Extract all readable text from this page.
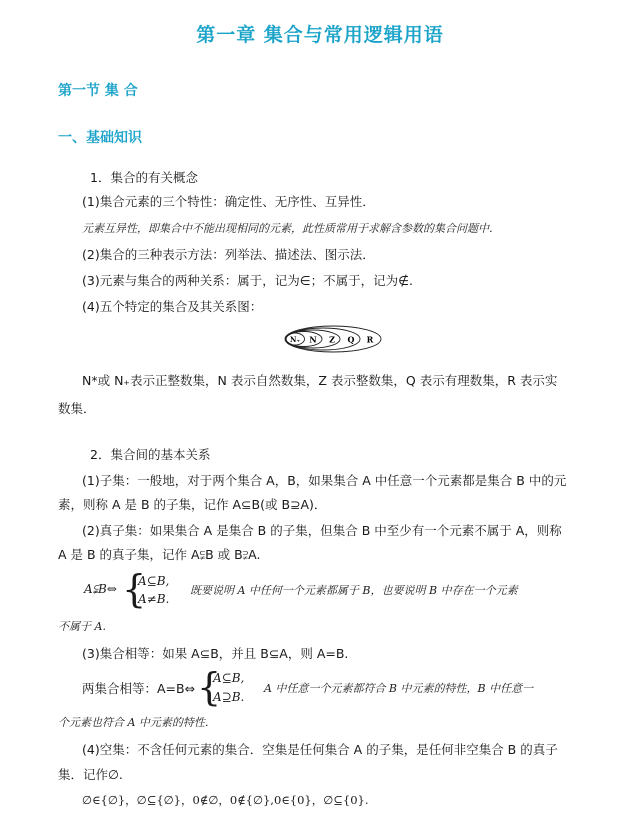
第一章 集合与常用逻辑用语
第一节 集 合
一、基础知识
1．集合的有关概念
(1)集合元素的三个特性：确定性、无序性、互异性．
元素互异性，即集合中不能出现相同的元素，此性质常用于求解含参数的集合问题中．
(2)集合的三种表示方法：列举法、描述法、图示法．
(3)元素与集合的两种关系：属于，记为∈；不属于，记为∉.
(4)五个特定的集合及其关系图：
N₊ N Z Q R
N*或 N₊表示正整数集，N 表示自然数集，Z 表示整数集，Q 表示有理数集，R 表示实
数集．
2．集合间的基本关系
(1)子集：一般地，对于两个集合 A，B，如果集合 A 中任意一个元素都是集合 B 中的元
素，则称 A 是 B 的子集，记作 A⊆B(或 B⊇A)．
(2)真子集：如果集合 A 是集合 B 的子集，但集合 B 中至少有一个元素不属于 A，则称
A 是 B 的真子集，记作 A⫋B 或 B⫌A.
A⫋B⇔ {
A⊆B,
A≠B.
既要说明 A 中任何一个元素都属于 B，也要说明 B 中存在一个元素
不属于 A.
(3)集合相等：如果 A⊆B，并且 B⊆A，则 A=B.
两集合相等：A=B⇔ {
A⊆B,
A⊇B.
A 中任意一个元素都符合 B 中元素的特性，B 中任意一
个元素也符合 A 中元素的特性．
(4)空集：不含任何元素的集合．空集是任何集合 A 的子集，是任何非空集合 B 的真子
集．记作∅.
∅∈{∅}，∅⊆{∅}，0∉∅，0∉{∅},0∈{0}，∅⊆{0}.
